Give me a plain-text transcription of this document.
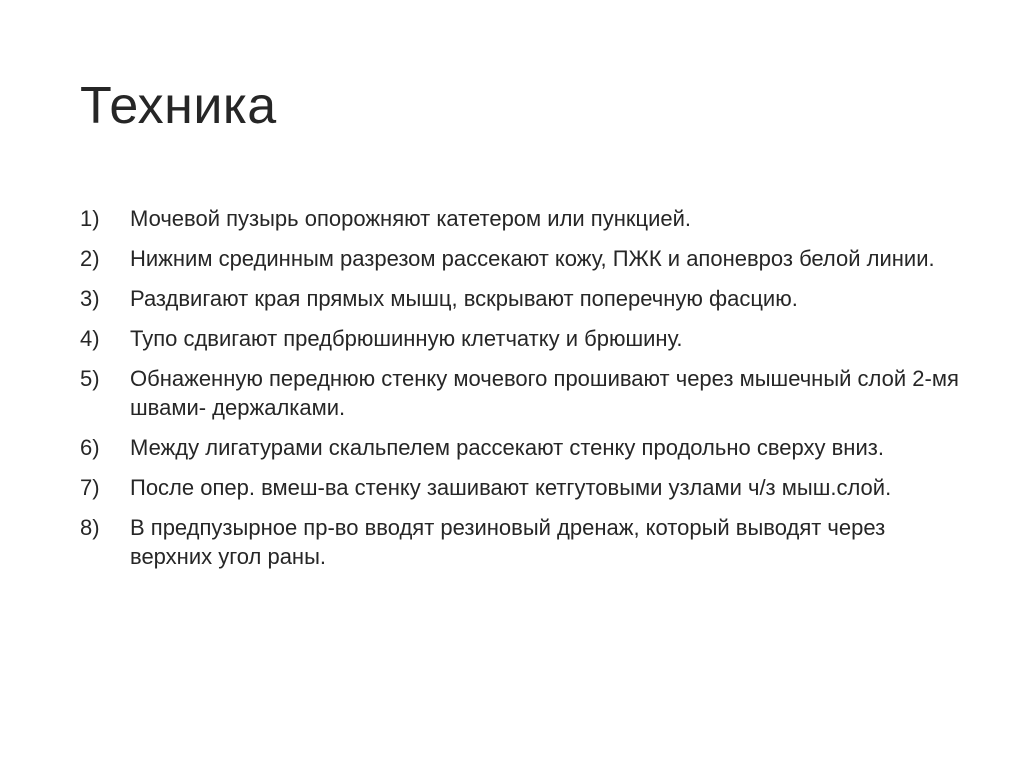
Техника
1)	Мочевой пузырь опорожняют катетером или пункцией.
2)	Нижним срединным разрезом рассекают кожу, ПЖК и апоневроз белой линии.
3)	Раздвигают края прямых мышц, вскрывают поперечную фасцию.
4)	Тупо сдвигают предбрюшинную клетчатку и брюшину.
5)	Обнаженную переднюю стенку мочевого прошивают через мышечный слой 2-мя швами- держалками.
6)	Между лигатурами скальпелем рассекают стенку продольно сверху вниз.
7)	После опер. вмеш-ва стенку зашивают кетгутовыми узлами ч/з мыш.слой.
8)	В предпузырное пр-во вводят резиновый дренаж, который выводят через верхних угол раны.
